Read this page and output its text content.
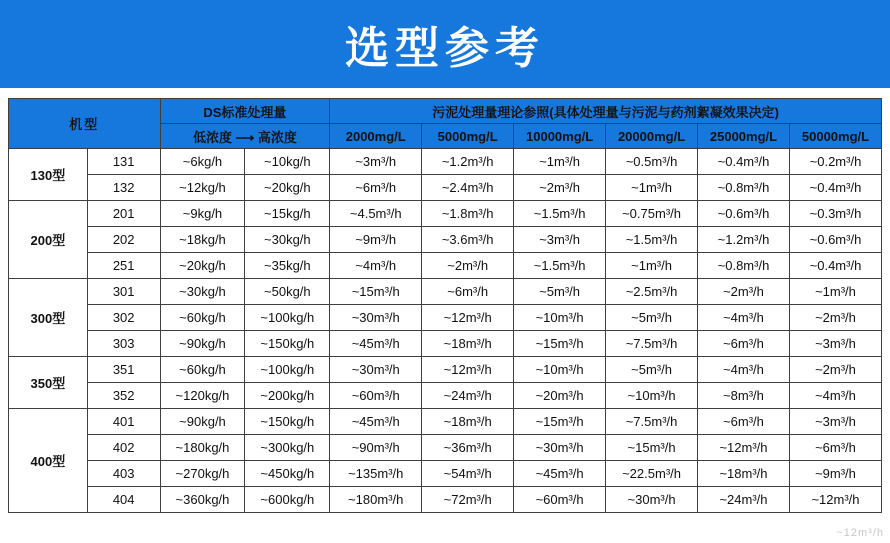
选型参考
机型		DS标准处理量		污泥处理量理论参照(具体处理量与污泥与药剂絮凝效果决定)					
		低浓度 ⟶ 高浓度		2000mg/L	5000mg/L	10000mg/L	20000mg/L	25000mg/L	50000mg/L
130型	131	~6kg/h	~10kg/h	~3m³/h	~1.2m³/h	~1m³/h	~0.5m³/h	~0.4m³/h	~0.2m³/h
	132	~12kg/h	~20kg/h	~6m³/h	~2.4m³/h	~2m³/h	~1m³/h	~0.8m³/h	~0.4m³/h
200型	201	~9kg/h	~15kg/h	~4.5m³/h	~1.8m³/h	~1.5m³/h	~0.75m³/h	~0.6m³/h	~0.3m³/h
	202	~18kg/h	~30kg/h	~9m³/h	~3.6m³/h	~3m³/h	~1.5m³/h	~1.2m³/h	~0.6m³/h
	251	~20kg/h	~35kg/h	~4m³/h	~2m³/h	~1.5m³/h	~1m³/h	~0.8m³/h	~0.4m³/h
300型	301	~30kg/h	~50kg/h	~15m³/h	~6m³/h	~5m³/h	~2.5m³/h	~2m³/h	~1m³/h
	302	~60kg/h	~100kg/h	~30m³/h	~12m³/h	~10m³/h	~5m³/h	~4m³/h	~2m³/h
	303	~90kg/h	~150kg/h	~45m³/h	~18m³/h	~15m³/h	~7.5m³/h	~6m³/h	~3m³/h
350型	351	~60kg/h	~100kg/h	~30m³/h	~12m³/h	~10m³/h	~5m³/h	~4m³/h	~2m³/h
	352	~120kg/h	~200kg/h	~60m³/h	~24m³/h	~20m³/h	~10m³/h	~8m³/h	~4m³/h
400型	401	~90kg/h	~150kg/h	~45m³/h	~18m³/h	~15m³/h	~7.5m³/h	~6m³/h	~3m³/h
	402	~180kg/h	~300kg/h	~90m³/h	~36m³/h	~30m³/h	~15m³/h	~12m³/h	~6m³/h
	403	~270kg/h	~450kg/h	~135m³/h	~54m³/h	~45m³/h	~22.5m³/h	~18m³/h	~9m³/h
	404	~360kg/h	~600kg/h	~180m³/h	~72m³/h	~60m³/h	~30m³/h	~24m³/h	~12m³/h
~12m³/h
